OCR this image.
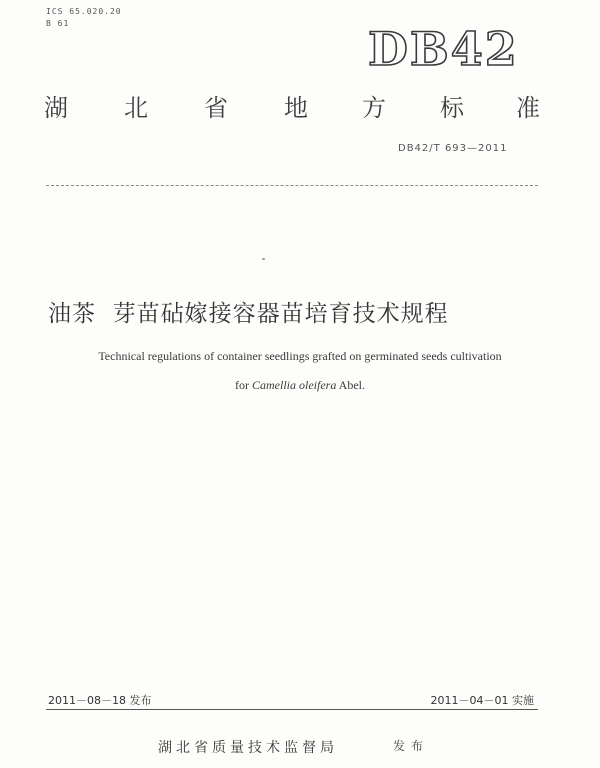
ICS 65.020.20
B 61	DB42
湖 北 省 地 方 标 准
DB42/T 693—2011
油茶  芽苗砧嫁接容器苗培育技术规程
Technical regulations of container seedlings grafted on germinated seeds cultivation
for Camellia oleifera Abel.
2011－08－18 发布	2011－04－01 实施
湖北省质量技术监督局	发布
